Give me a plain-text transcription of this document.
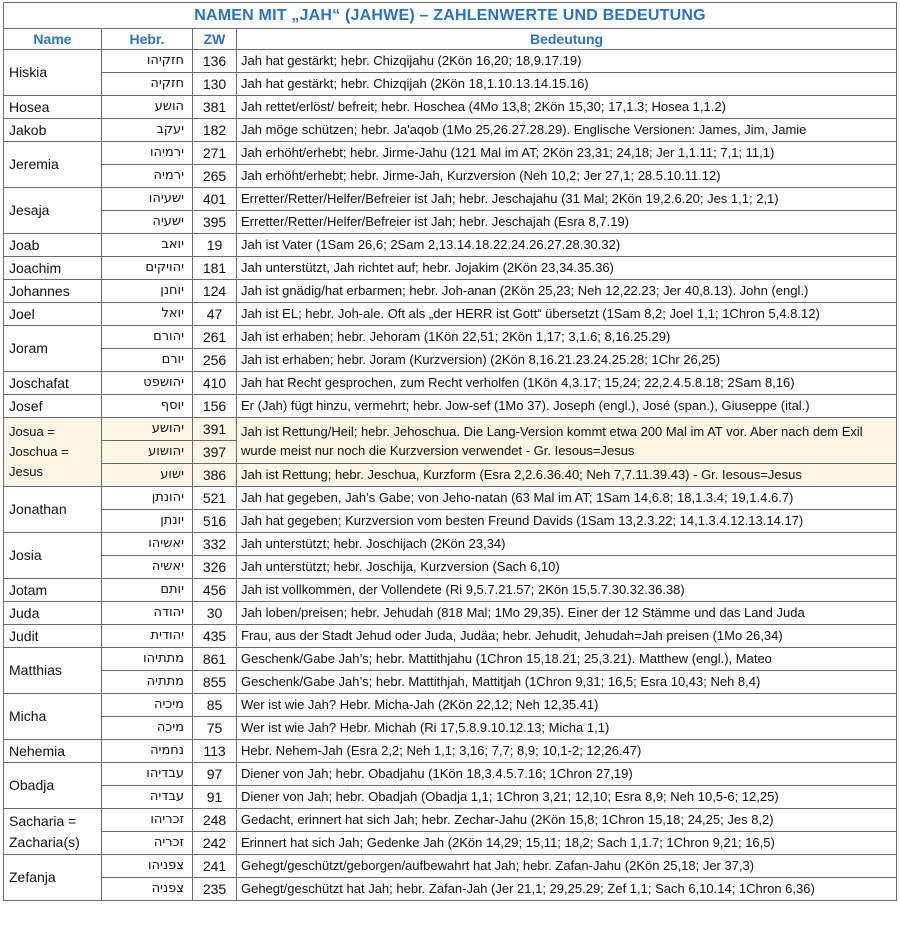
NAMEN MIT „JAH“ (JAHWE) – ZAHLENWERTE UND BEDEUTUNG			
Name	Hebr.	ZW	Bedeutung
Hiskia	חזקיהו	136	Jah hat gestärkt; hebr. Chizqijahu (2Kön 16,20; 18,9.17.19)
	חזקיה	130	Jah hat gestärkt; hebr. Chizqijah (2Kön 18,1.10.13.14.15.16)
Hosea	הושע	381	Jah rettet/erlöst/ befreit; hebr. Hoschea (4Mo 13,8; 2Kön 15,30; 17,1.3; Hosea 1,1.2)
Jakob	יעקב	182	Jah möge schützen; hebr. Ja'aqob (1Mo 25,26.27.28.29). Englische Versionen: James, Jim, Jamie
Jeremia	ירמיהו	271	Jah erhöht/erhebt; hebr. Jirme-Jahu (121 Mal im AT; 2Kön 23,31; 24,18; Jer 1,1.11; 7,1; 11,1)
	ירמיה	265	Jah erhöht/erhebt; hebr. Jirme-Jah, Kurzversion (Neh 10,2; Jer 27,1; 28.5.10.11.12)
Jesaja	ישעיהו	401	Erretter/Retter/Helfer/Befreier ist Jah; hebr. Jeschajahu (31 Mal; 2Kön 19,2.6.20; Jes 1,1; 2,1)
	ישעיה	395	Erretter/Retter/Helfer/Befreier ist Jah; hebr. Jeschajah (Esra 8,7.19)
Joab	יואב	19	Jah ist Vater (1Sam 26,6; 2Sam 2,13.14.18.22.24.26.27.28.30.32)
Joachim	יהויקים	181	Jah unterstützt, Jah richtet auf; hebr. Jojakim (2Kön 23,34.35.36)
Johannes	יוחנן	124	Jah ist gnädig/hat erbarmen; hebr. Joh-anan (2Kön 25,23; Neh 12,22.23; Jer 40,8.13). John (engl.)
Joel	יואל	47	Jah ist EL; hebr. Joh-ale. Oft als „der HERR ist Gott“ übersetzt (1Sam 8,2; Joel 1,1; 1Chron 5,4.8.12)
Joram	יהורם	261	Jah ist erhaben; hebr. Jehoram (1Kön 22,51; 2Kön 1,17; 3,1.6; 8,16.25.29)
	יורם	256	Jah ist erhaben; hebr. Joram (Kurzversion) (2Kön 8,16.21.23.24.25.28; 1Chr 26,25)
Joschafat	יהושפט	410	Jah hat Recht gesprochen, zum Recht verholfen (1Kön 4,3.17; 15,24; 22,2.4.5.8.18; 2Sam 8,16)
Josef	יוסף	156	Er (Jah) fügt hinzu, vermehrt; hebr. Jow-sef (1Mo 37). Joseph (engl.), José (span.), Giuseppe (ital.)

Josua =
Joschua =
Jesus	יהושע	391	Jah ist Rettung/Heil; hebr. Jehoschua. Die Lang-Version kommt etwa 200 Mal im AT vor. Aber nach dem Exil wurde meist nur noch die Kurzversion verwendet - Gr. Iesous=Jesus
	יהושוע	397	
	ישוע	386	Jah ist Rettung; hebr. Jeschua, Kurzform (Esra 2,2.6.36.40; Neh 7,7.11.39.43) - Gr. Iesous=Jesus
Jonathan	יהונתן	521	Jah hat gegeben, Jah’s Gabe; von Jeho-natan (63 Mal im AT; 1Sam 14,6.8; 18,1.3.4; 19,1.4.6.7)
	יונתן	516	Jah hat gegeben; Kurzversion vom besten Freund Davids (1Sam 13,2.3.22; 14,1.3.4.12.13.14.17)
Josia	יאשיהו	332	Jah unterstützt; hebr. Joschijach (2Kön 23,34)
	יאשיה	326	Jah unterstützt; hebr. Joschija, Kurzversion (Sach 6,10)
Jotam	יותם	456	Jah ist vollkommen, der Vollendete (Ri 9,5.7.21.57; 2Kön 15,5.7.30.32.36.38)
Juda	יהודה	30	Jah loben/preisen; hebr. Jehudah (818 Mal; 1Mo 29,35). Einer der 12 Stämme und das Land Juda
Judit	יהודית	435	Frau, aus der Stadt Jehud oder Juda, Judäa; hebr. Jehudit, Jehudah=Jah preisen (1Mo 26,34)
Matthias	מתתיהו	861	Geschenk/Gabe Jah’s; hebr. Mattithjahu (1Chron 15,18.21; 25,3.21). Matthew (engl.), Mateo
	מתתיה	855	Geschenk/Gabe Jah’s; hebr. Mattithjah, Mattitjah (1Chron 9,31; 16,5; Esra 10,43; Neh 8,4)
Micha	מיכיה	85	Wer ist wie Jah? Hebr. Micha-Jah (2Kön 22,12; Neh 12,35.41)
	מיכה	75	Wer ist wie Jah? Hebr. Michah (Ri 17,5.8.9.10.12.13; Micha 1,1)
Nehemia	נחמיה	113	Hebr. Nehem-Jah (Esra 2,2; Neh 1,1; 3,16; 7,7; 8,9; 10,1-2; 12,26.47)
Obadja	עבדיהו	97	Diener von Jah; hebr. Obadjahu (1Kön 18,3.4.5.7.16; 1Chron 27,19)
	עבדיה	91	Diener von Jah; hebr. Obadjah (Obadja 1,1; 1Chron 3,21; 12,10; Esra 8,9; Neh 10,5-6; 12,25)
Sacharia = Zacharia(s)	זכריהו	248	Gedacht, erinnert hat sich Jah; hebr. Zechar-Jahu (2Kön 15,8; 1Chron 15,18; 24,25; Jes 8,2)
	זכריה	242	Erinnert hat sich Jah; Gedenke Jah (2Kön 14,29; 15,11; 18,2; Sach 1,1.7; 1Chron 9,21; 16,5)
Zefanja	צפניהו	241	Gehegt/geschützt/geborgen/aufbewahrt hat Jah; hebr. Zafan-Jahu (2Kön 25,18; Jer 37,3)
	צפניה	235	Gehegt/geschützt hat Jah; hebr. Zafan-Jah (Jer 21,1; 29,25.29; Zef 1,1; Sach 6,10.14; 1Chron 6,36)
